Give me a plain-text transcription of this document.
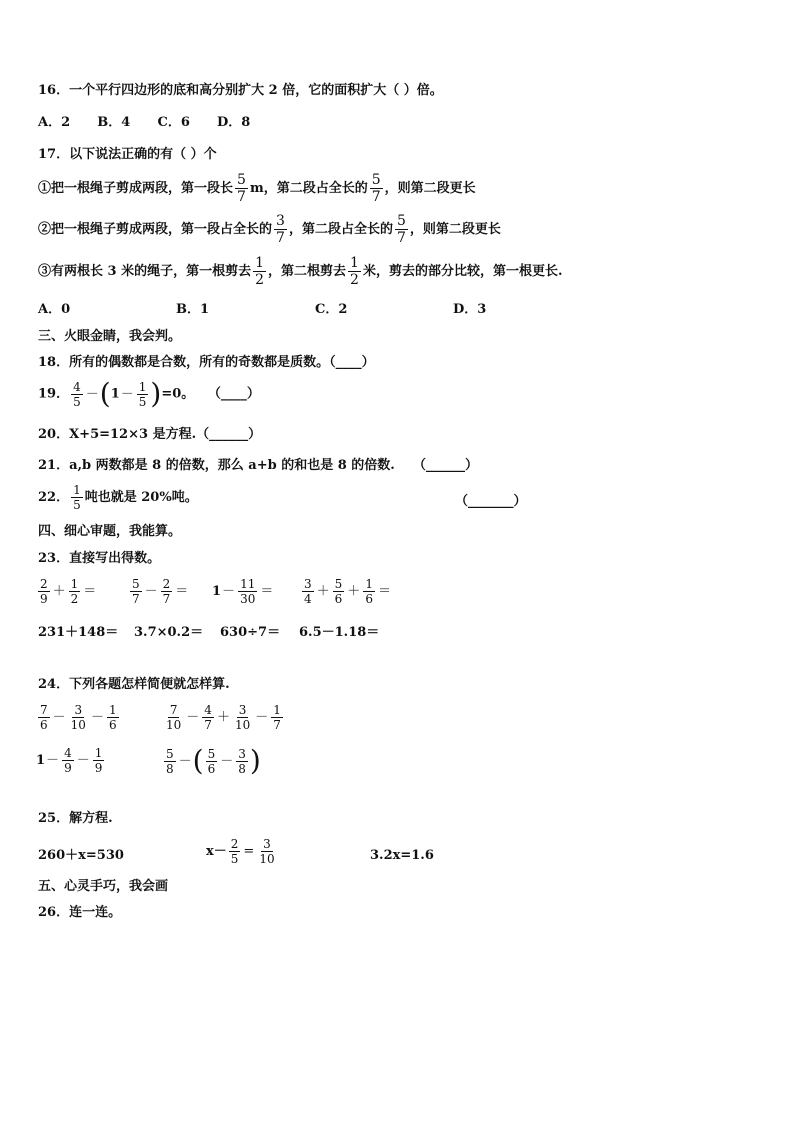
16．一个平行四边形的底和高分别扩大 2 倍，它的面积扩大（ ）倍。
A．2      B．4      C．6      D．8
17．以下说法正确的有（ ）个
①把一根绳子剪成两段，第一段长 $\frac{5}{7}$ m，第二段占全长的 $\frac{5}{7}$ ，则第二段更长
②把一根绳子剪成两段，第一段占全长的 $\frac{3}{7}$ ，第二段占全长的 $\frac{5}{7}$ ，则第二段更长
③有两根长 3 米的绳子，第一根剪去 $\frac{1}{2}$ ，第二根剪去 $\frac{1}{2}$ 米，剪去的部分比较，第一根更长.
A．0	B．1	C．2	D．3
三、火眼金睛，我会判。
18．所有的偶数都是合数，所有的奇数都是质数。（____）
19． $\frac{4}{5} -(1- \frac{1}{5} )=0$。 （____）
20．X+5=12×3 是方程.（______）
21．a,b 两数都是 8 的倍数，那么 a+b 的和也是 8 的倍数. （______）
22． $\frac{1}{5}$ 吨也就是 20%吨。	（_______）
四、细心审题，我能算。
23．直接写出得数。
$\frac{2}{9} + \frac{1}{2}$ ＝	$\frac{5}{7} - \frac{2}{7} = 1- \frac{11}{30} = \frac{3}{4} + \frac{5}{6} + \frac{1}{6}$ ＝
231＋148＝ 3.7×0.2＝ 630÷7＝ 6.5－1.18＝
24．下列各题怎样简便就怎样算.
$\frac{7}{6} - \frac{3}{10} - \frac{1}{6}$	$\frac{7}{10} - \frac{4}{7} + \frac{3}{10} - \frac{1}{7}$
$1- \frac{4}{9} - \frac{1}{9}$	$\frac{5}{8}$ －( $\frac{5}{6} - \frac{3}{8}$ )
25．解方程.
260＋x=530	$x- \frac{2}{5} = \frac{3}{10}$	3.2x=1.6
五、心灵手巧，我会画
26．连一连。
